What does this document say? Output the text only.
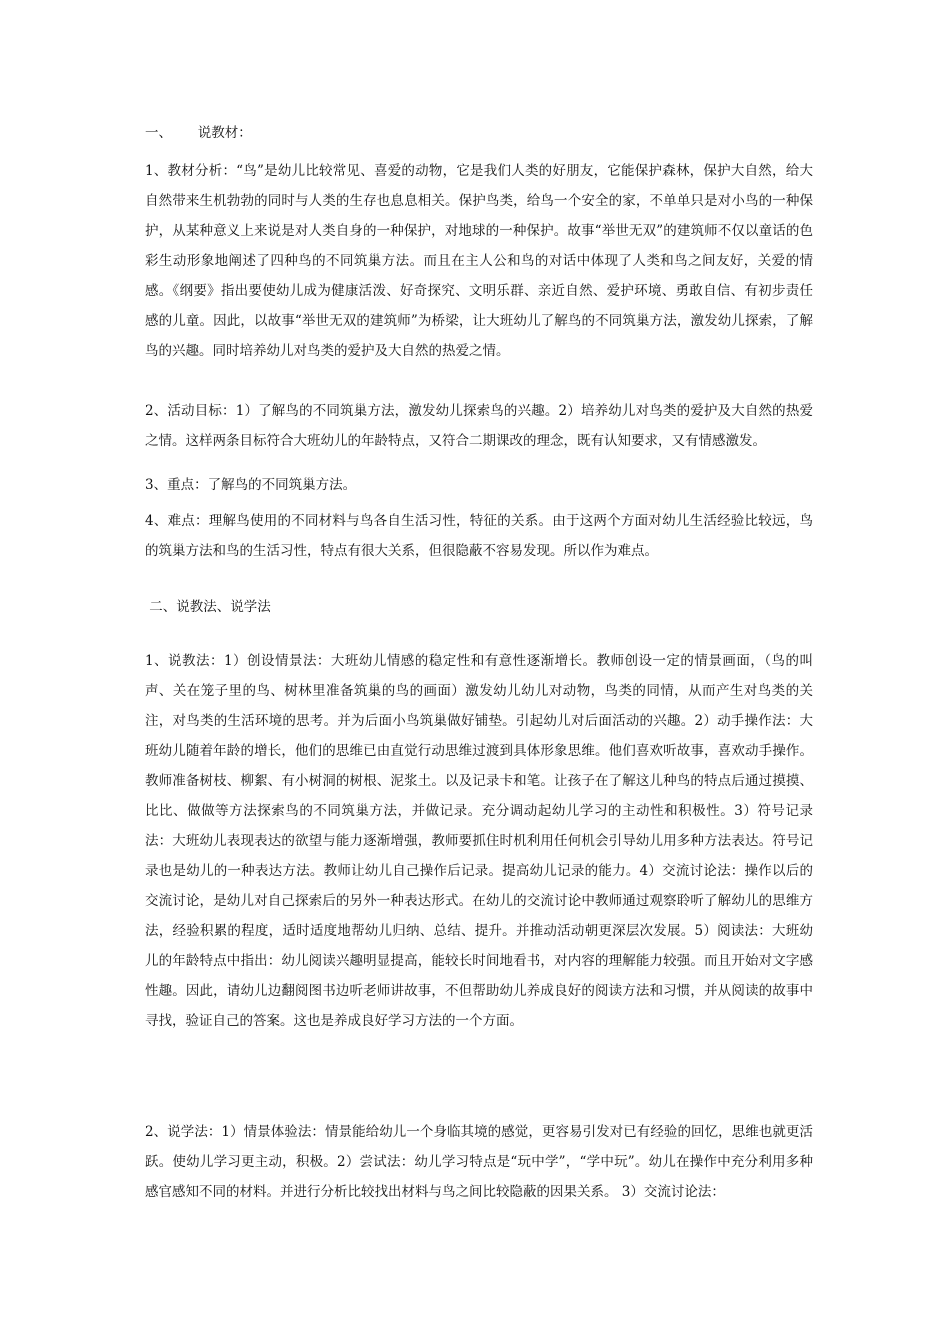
一、      说教材：

1、教材分析：“鸟”是幼儿比较常见、喜爱的动物，它是我们人类的好朋友，它能保护森林，保护大自然，给大自然带来生机勃勃的同时与人类的生存也息息相关。保护鸟类，给鸟一个安全的家，不单单只是对小鸟的一种保护，从某种意义上来说是对人类自身的一种保护，对地球的一种保护。故事“举世无双”的建筑师不仅以童话的色彩生动形象地阐述了四种鸟的不同筑巢方法。而且在主人公和鸟的对话中体现了人类和鸟之间友好，关爱的情感。《纲要》指出要使幼儿成为健康活泼、好奇探究、文明乐群、亲近自然、爱护环境、勇敢自信、有初步责任感的儿童。因此，以故事“举世无双的建筑师”为桥梁，让大班幼儿了解鸟的不同筑巢方法，激发幼儿探索，了解鸟的兴趣。同时培养幼儿对鸟类的爱护及大自然的热爱之情。

2、活动目标：1）了解鸟的不同筑巢方法，激发幼儿探索鸟的兴趣。2）培养幼儿对鸟类的爱护及大自然的热爱之情。这样两条目标符合大班幼儿的年龄特点，又符合二期课改的理念，既有认知要求，又有情感激发。

3、重点：了解鸟的不同筑巢方法。

4、难点：理解鸟使用的不同材料与鸟各自生活习性，特征的关系。由于这两个方面对幼儿生活经验比较远，鸟的筑巢方法和鸟的生活习性，特点有很大关系，但很隐蔽不容易发现。所以作为难点。

二、说教法、说学法

1、说教法：1）创设情景法：大班幼儿情感的稳定性和有意性逐渐增长。教师创设一定的情景画面，（鸟的叫声、关在笼子里的鸟、树林里准备筑巢的鸟的画面）激发幼儿幼儿对动物，鸟类的同情，从而产生对鸟类的关注，对鸟类的生活环境的思考。并为后面小鸟筑巢做好铺垫。引起幼儿对后面活动的兴趣。2）动手操作法：大班幼儿随着年龄的增长，他们的思维已由直觉行动思维过渡到具体形象思维。他们喜欢听故事，喜欢动手操作。教师准备树枝、柳絮、有小树洞的树根、泥浆土。以及记录卡和笔。让孩子在了解这儿种鸟的特点后通过摸摸、比比、做做等方法探索鸟的不同筑巢方法，并做记录。充分调动起幼儿学习的主动性和积极性。3）符号记录法：大班幼儿表现表达的欲望与能力逐渐增强，教师要抓住时机利用任何机会引导幼儿用多种方法表达。符号记录也是幼儿的一种表达方法。教师让幼儿自己操作后记录。提高幼儿记录的能力。4）交流讨论法：操作以后的交流讨论，是幼儿对自己探索后的另外一种表达形式。在幼儿的交流讨论中教师通过观察聆听了解幼儿的思维方法，经验积累的程度，适时适度地帮幼儿归纳、总结、提升。并推动活动朝更深层次发展。5）阅读法：大班幼儿的年龄特点中指出：幼儿阅读兴趣明显提高，能较长时间地看书，对内容的理解能力较强。而且开始对文字感性趣。因此，请幼儿边翻阅图书边听老师讲故事，不但帮助幼儿养成良好的阅读方法和习惯，并从阅读的故事中寻找，验证自己的答案。这也是养成良好学习方法的一个方面。

2、说学法：1）情景体验法：情景能给幼儿一个身临其境的感觉，更容易引发对已有经验的回忆，思维也就更活跃。使幼儿学习更主动，积极。2）尝试法：幼儿学习特点是“玩中学”，“学中玩”。幼儿在操作中充分利用多种感官感知不同的材料。并进行分析比较找出材料与鸟之间比较隐蔽的因果关系。 3）交流讨论法：
